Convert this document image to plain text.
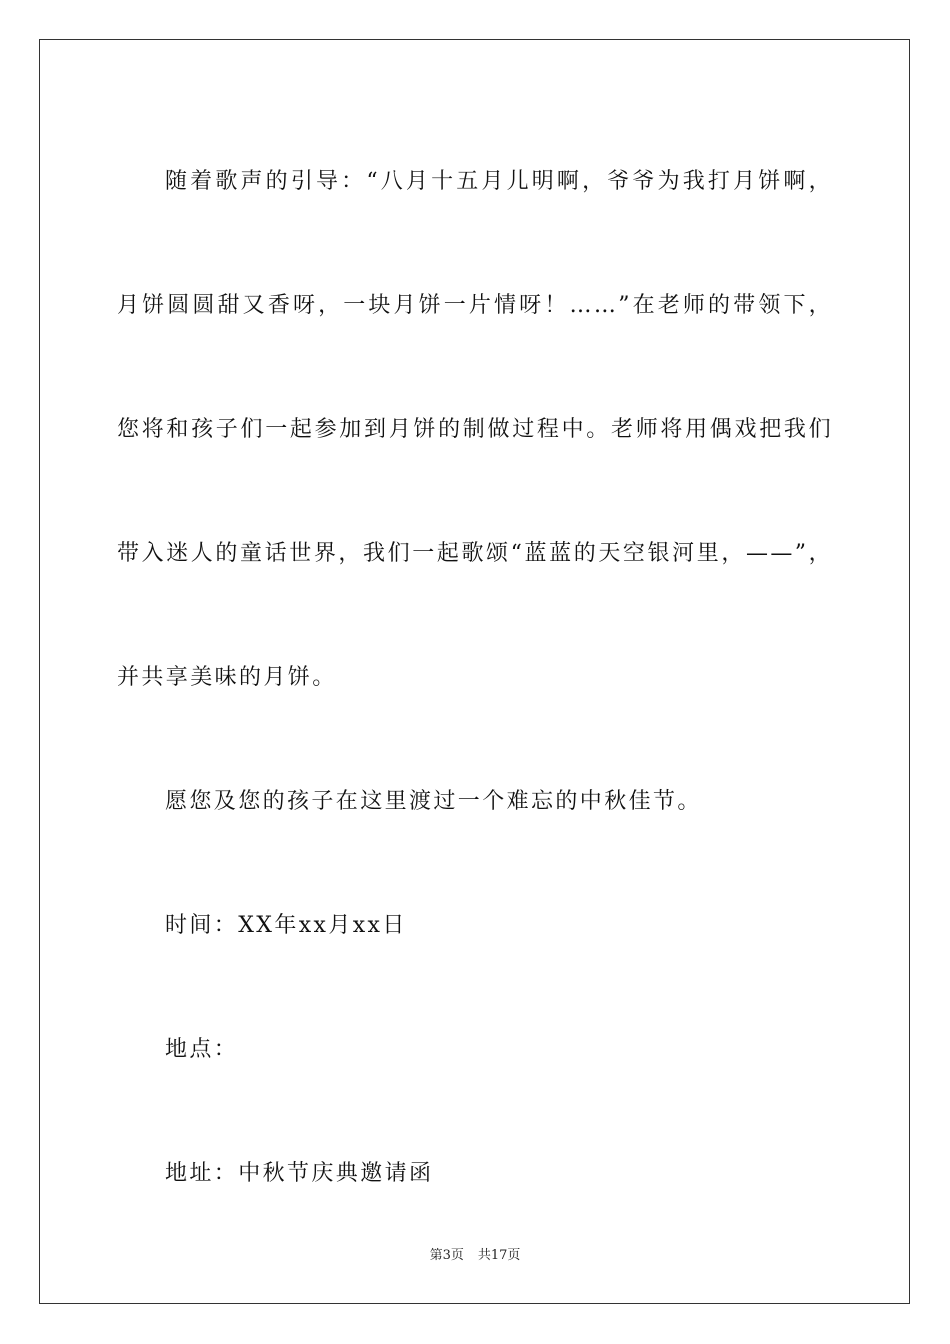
随着歌声的引导：“八月十五月儿明啊，爷爷为我打月饼啊，月饼圆圆甜又香呀，一块月饼一片情呀！……”在老师的带领下，您将和孩子们一起参加到月饼的制做过程中。老师将用偶戏把我们带入迷人的童话世界，我们一起歌颂“蓝蓝的天空银河里，——”，并共享美味的月饼。

愿您及您的孩子在这里渡过一个难忘的中秋佳节。

时间：XX年xx月xx日

地点：

地址：中秋节庆典邀请函

第3页 共17页
